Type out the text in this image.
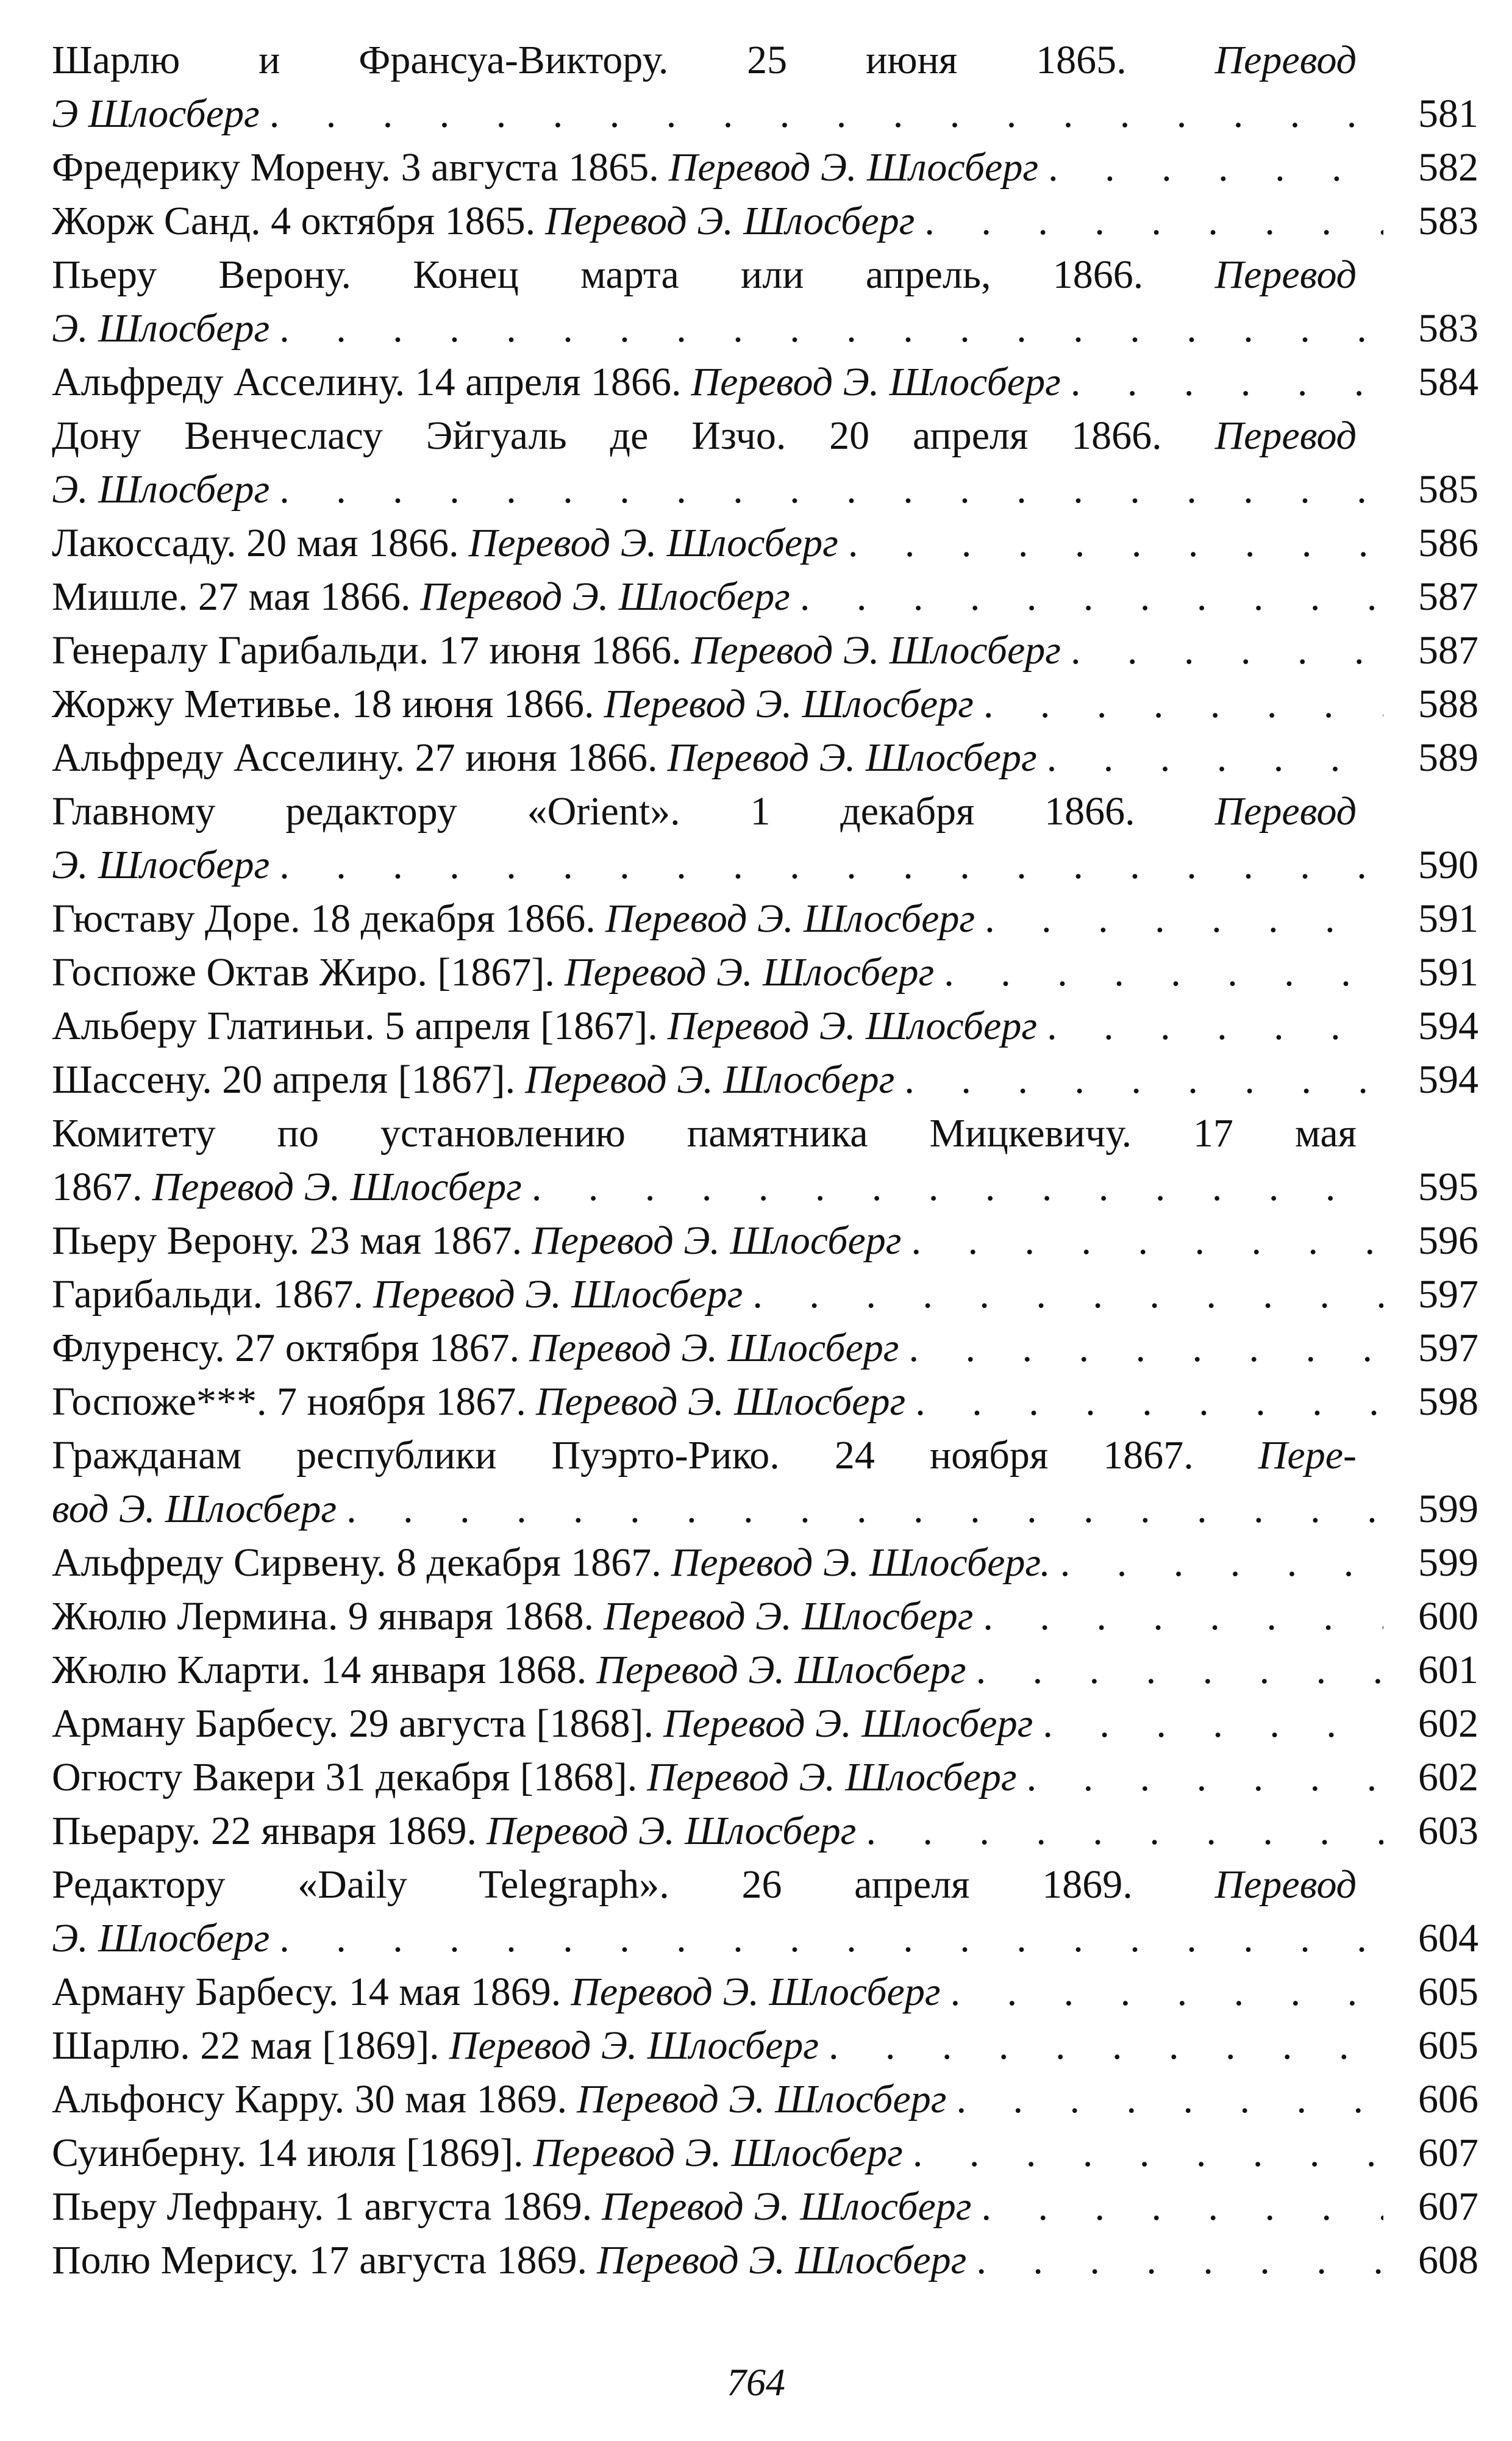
Шарлю и Франсуа-Виктору. 25 июня 1865. Перевод
Э Шлосберг . . .	581
Фредерику Морену. 3 августа 1865. Перевод Э. Шлосберг . . .	582
Жорж Санд. 4 октября 1865. Перевод Э. Шлосберг . . .	583
Пьеру Верону. Конец марта или апрель, 1866. Перевод
Э. Шлосберг . . .	583
Альфреду Асселину. 14 апреля 1866. Перевод Э. Шлосберг . . .	584
Дону Венчесласу Эйгуаль де Изчо. 20 апреля 1866. Перевод
Э. Шлосберг . . .	585
Лакоссаду. 20 мая 1866. Перевод Э. Шлосберг . . .	586
Мишле. 27 мая 1866. Перевод Э. Шлосберг . . .	587
Генералу Гарибальди. 17 июня 1866. Перевод Э. Шлосберг . . .	587
Жоржу Метивье. 18 июня 1866. Перевод Э. Шлосберг . . .	588
Альфреду Асселину. 27 июня 1866. Перевод Э. Шлосберг . . .	589
Главному редактору «Orient». 1 декабря 1866. Перевод
Э. Шлосберг . . .	590
Гюставу Доре. 18 декабря 1866. Перевод Э. Шлосберг . . .	591
Госпоже Октав Жиро. [1867]. Перевод Э. Шлосберг . . .	591
Альберу Глатиньи. 5 апреля [1867]. Перевод Э. Шлосберг . . .	594
Шассену. 20 апреля [1867]. Перевод Э. Шлосберг . . .	594
Комитету по установлению памятника Мицкевичу. 17 мая
1867. Перевод Э. Шлосберг . . .	595
Пьеру Верону. 23 мая 1867. Перевод Э. Шлосберг . . .	596
Гарибальди. 1867. Перевод Э. Шлосберг . . .	597
Флуренсу. 27 октября 1867. Перевод Э. Шлосберг . . .	597
Госпоже***. 7 ноября 1867. Перевод Э. Шлосберг . . .	598
Гражданам республики Пуэрто-Рико. 24 ноября 1867. Пере-
вод Э. Шлосберг . . .	599
Альфреду Сирвену. 8 декабря 1867. Перевод Э. Шлосберг. . . .	599
Жюлю Лермина. 9 января 1868. Перевод Э. Шлосберг . . .	600
Жюлю Кларти. 14 января 1868. Перевод Э. Шлосберг . . .	601
Арману Барбесу. 29 августа [1868]. Перевод Э. Шлосберг . . .	602
Огюсту Вакери 31 декабря [1868]. Перевод Э. Шлосберг . . .	602
Пьерару. 22 января 1869. Перевод Э. Шлосберг . . .	603
Редактору «Daily Telegraph». 26 апреля 1869. Перевод
Э. Шлосберг . . .	604
Арману Барбесу. 14 мая 1869. Перевод Э. Шлосберг . . .	605
Шарлю. 22 мая [1869]. Перевод Э. Шлосберг . . .	605
Альфонсу Карру. 30 мая 1869. Перевод Э. Шлосберг . . .	606
Суинберну. 14 июля [1869]. Перевод Э. Шлосберг . . .	607
Пьеру Лефрану. 1 августа 1869. Перевод Э. Шлосберг . . .	607
Полю Мерису. 17 августа 1869. Перевод Э. Шлосберг . . .	608
764
